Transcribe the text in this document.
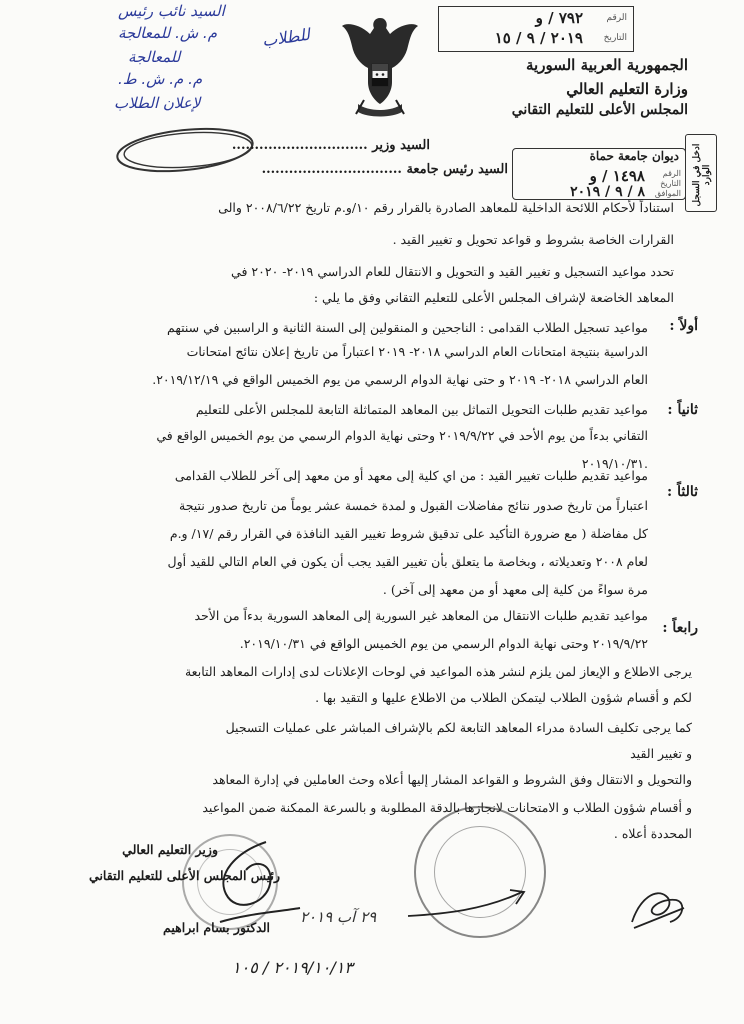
السيد نائب رئيس
م. ش. للمعالجة
للمعالجة
م. م. ش. ط.
لإعلان الطلاب
للطلاب
الجمهورية العربية السورية
وزارة التعليم العالي
المجلس الأعلى للتعليم التقاني
الرقم
٧٩٢ / و
التاريخ
٢٠١٩ / ٩ / ١٥
ديوان جامعة حماة
الرقم
١٤٩٨ / و التاريخ
الموافق
٨ / ٩ / ٢٠١٩	ادخل في السجل الوارد
السيد وزير ..............................
السيد رئيس جامعة ...............................
استناداً لأحكام اللائحة الداخلية للمعاهد الصادرة بالقرار رقم ١٠/و.م تاريخ ٢٠٠٨/٦/٢٢ والى
القرارات الخاصة بشروط و قواعد تحويل و تغيير القيد .
تحدد مواعيد التسجيل و تغيير القيد و التحويل و الانتقال للعام الدراسي ٢٠١٩- ٢٠٢٠ في
المعاهد الخاضعة لإشراف المجلس الأعلى للتعليم التقاني وفق ما يلي :
أولاً :
مواعيد تسجيل الطلاب القدامى : الناجحين و المنقولين إلى السنة الثانية و الراسبين في سنتهم
الدراسية بنتيجة امتحانات العام الدراسي ٢٠١٨- ٢٠١٩ اعتباراً من تاريخ إعلان نتائج امتحانات
العام الدراسي ٢٠١٨- ٢٠١٩ و حتى نهاية الدوام الرسمي من يوم الخميس الواقع في ٢٠١٩/١٢/١٩.
ثانياً :
مواعيد تقديم طلبات التحويل التماثل بين المعاهد المتماثلة التابعة للمجلس الأعلى للتعليم
التقاني بدءاً من يوم الأحد في ٢٠١٩/٩/٢٢ وحتى نهاية الدوام الرسمي من يوم الخميس الواقع في
٢٠١٩/١٠/٣١.
ثالثاً :
مواعيد تقديم طلبات تغيير القيد : من اي كلية إلى معهد أو من معهد إلى آخر للطلاب القدامى
اعتباراً من تاريخ صدور نتائج مفاضلات القبول و لمدة خمسة عشر يوماً من تاريخ صدور نتيجة
كل مفاضلة ( مع ضرورة التأكيد على تدقيق شروط تغيير القيد النافذة في القرار رقم /١٧/ و.م
لعام ٢٠٠٨ وتعديلاته ، وبخاصة ما يتعلق بأن تغيير القيد يجب أن يكون في العام التالي للقيد أول
مرة سواءً من كلية إلى معهد أو من معهد إلى آخر) .
رابعاً :
مواعيد تقديم طلبات الانتقال من المعاهد غير السورية إلى المعاهد السورية بدءاً من الأحد
٢٠١٩/٩/٢٢ وحتى نهاية الدوام الرسمي من يوم الخميس الواقع في ٢٠١٩/١٠/٣١.
يرجى الاطلاع و الإيعاز لمن يلزم لنشر هذه المواعيد في لوحات الإعلانات لدى إدارات المعاهد التابعة
لكم و أقسام شؤون الطلاب ليتمكن الطلاب من الاطلاع عليها و التقيد بها .
كما يرجى تكليف السادة مدراء المعاهد التابعة لكم بالإشراف المباشر على عمليات التسجيل
و تغيير القيد
والتحويل و الانتقال وفق الشروط و القواعد المشار إليها أعلاه وحث العاملين في إدارة المعاهد
و أقسام شؤون الطلاب و الامتحانات لانجازها بالدقة المطلوبة و بالسرعة الممكنة ضمن المواعيد
المحددة أعلاه .
وزير التعليم العالي
رئيس المجلس الأعلى للتعليم التقاني
الدكتور بسام ابراهيم
٢٩ آب ٢٠١٩
٢٠١٩/١٠/١٣ / ١٠٥
